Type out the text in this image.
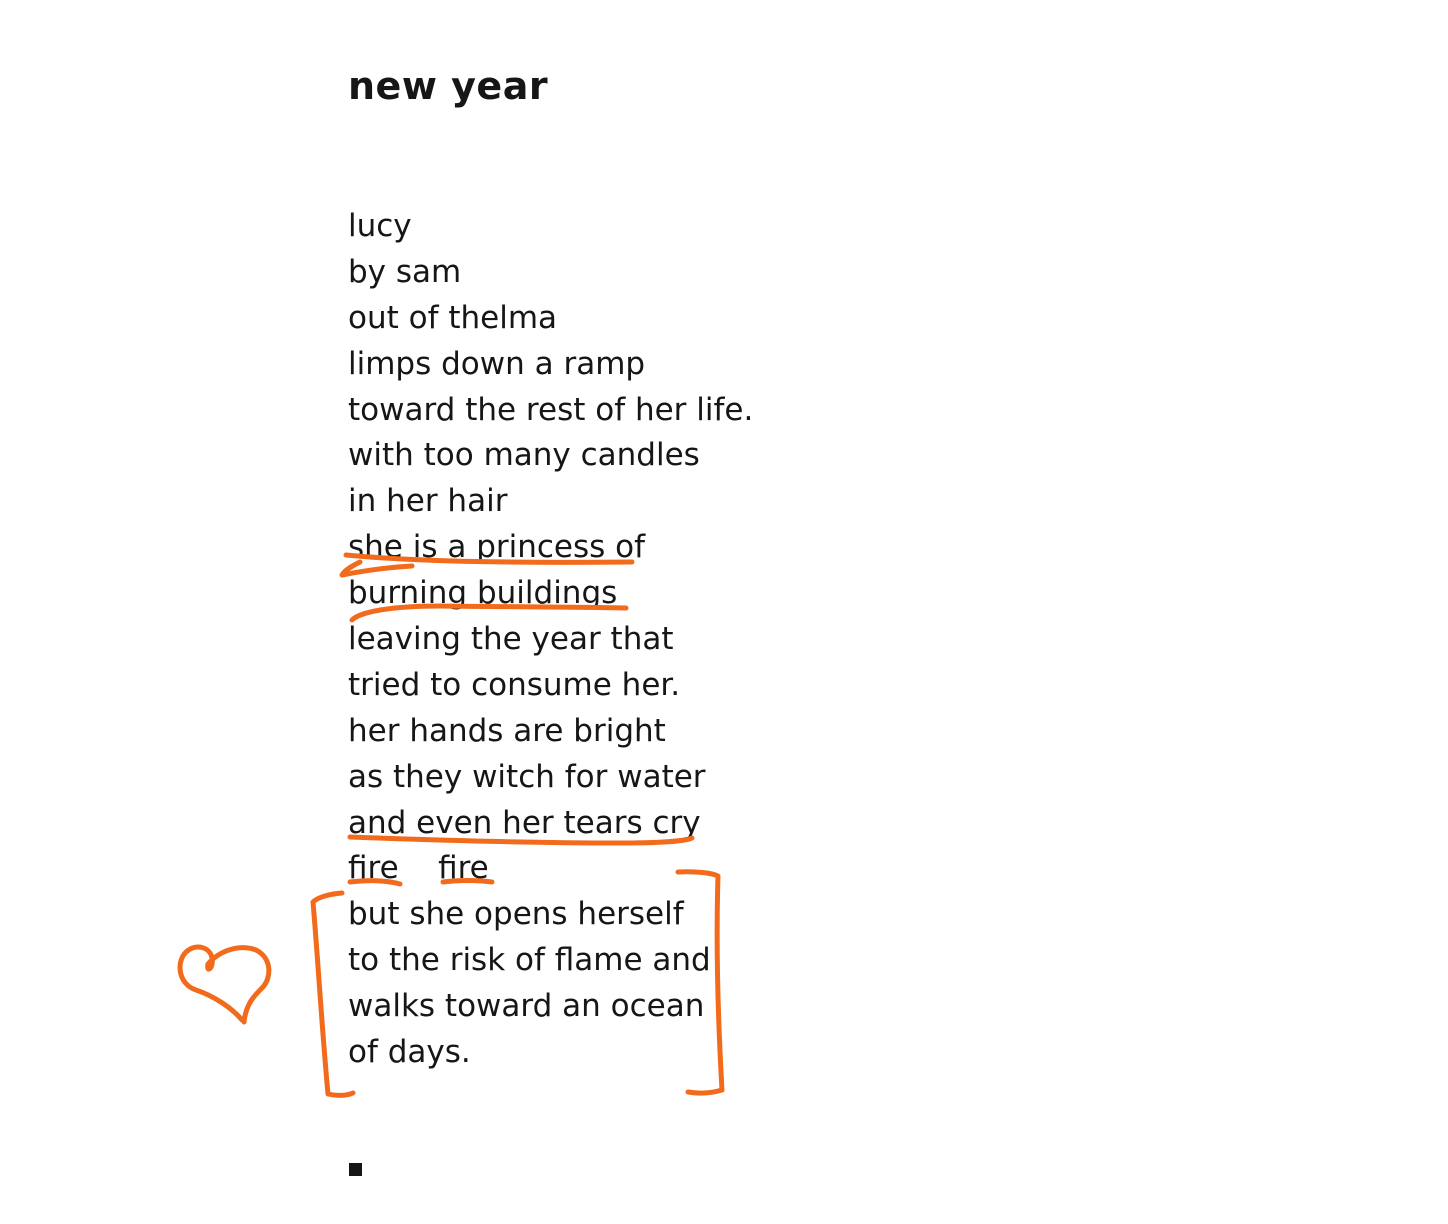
new year
lucy
by sam
out of thelma
limps down a ramp
toward the rest of her life.
with too many candles
in her hair
she is a princess of
burning buildings
leaving the year that
tried to consume her.
her hands are bright
as they witch for water
and even her tears cry
fire    fire
but she opens herself
to the risk of flame and
walks toward an ocean
of days.
